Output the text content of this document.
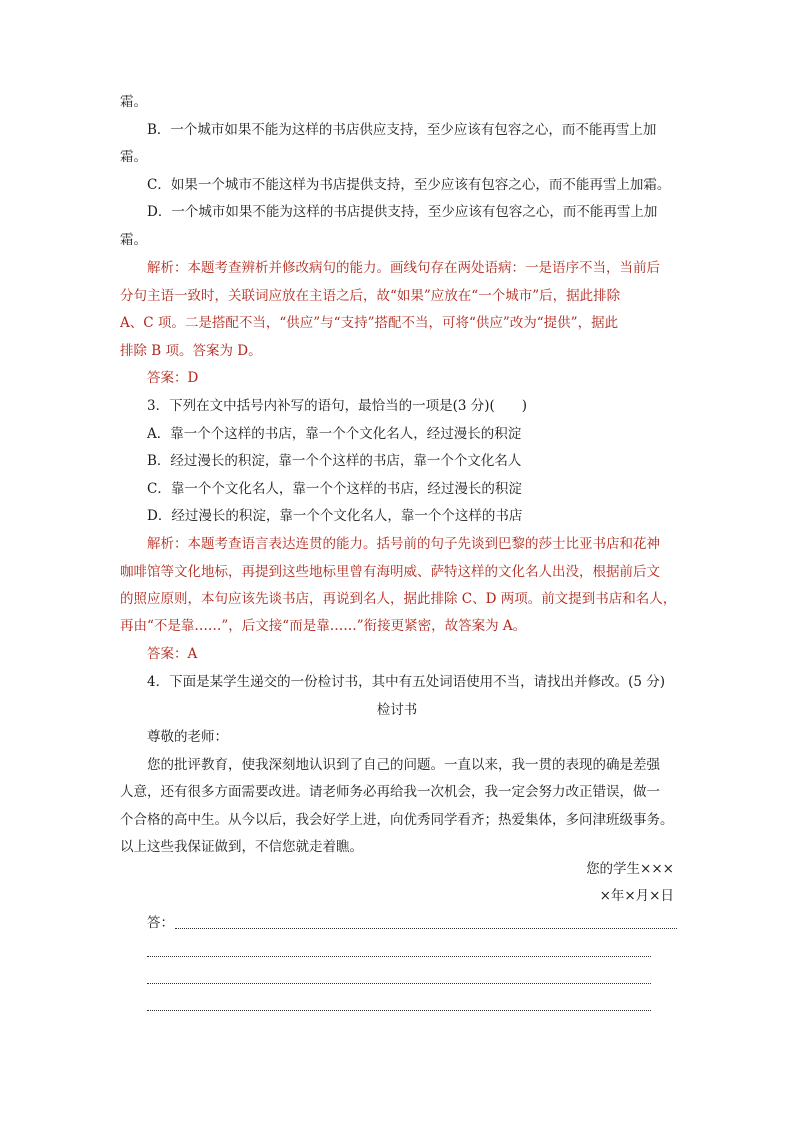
霜。
B．一个城市如果不能为这样的书店供应支持，至少应该有包容之心，而不能再雪上加
霜。
C．如果一个城市不能这样为书店提供支持，至少应该有包容之心，而不能再雪上加霜。
D．一个城市如果不能为这样的书店提供支持，至少应该有包容之心，而不能再雪上加
霜。
解析：本题考查辨析并修改病句的能力。画线句存在两处语病：一是语序不当，当前后
分句主语一致时，关联词应放在主语之后，故“如果”应放在“一个城市”后，据此排除
A、C 项。二是搭配不当，“供应”与“支持”搭配不当，可将“供应”改为“提供”，据此
排除 B 项。答案为 D。
答案：D
3．下列在文中括号内补写的语句，最恰当的一项是(3 分)(　　)
A．靠一个个这样的书店，靠一个个文化名人，经过漫长的积淀
B．经过漫长的积淀，靠一个个这样的书店，靠一个个文化名人
C．靠一个个文化名人，靠一个个这样的书店，经过漫长的积淀
D．经过漫长的积淀，靠一个个文化名人，靠一个个这样的书店
解析：本题考查语言表达连贯的能力。括号前的句子先谈到巴黎的莎士比亚书店和花神
咖啡馆等文化地标，再提到这些地标里曾有海明威、萨特这样的文化名人出没，根据前后文
的照应原则，本句应该先谈书店，再说到名人，据此排除 C、D 两项。前文提到书店和名人，
再由“不是靠……”，后文接“而是靠……”衔接更紧密，故答案为 A。
答案：A
4．下面是某学生递交的一份检讨书，其中有五处词语使用不当，请找出并修改。(5 分)
检讨书
尊敬的老师：
您的批评教育，使我深刻地认识到了自己的问题。一直以来，我一贯的表现的确是差强
人意，还有很多方面需要改进。请老师务必再给我一次机会，我一定会努力改正错误，做一
个合格的高中生。从今以后，我会好学上进，向优秀同学看齐；热爱集体，多问津班级事务。
以上这些我保证做到，不信您就走着瞧。
您的学生×××
×年×月×日
答：
